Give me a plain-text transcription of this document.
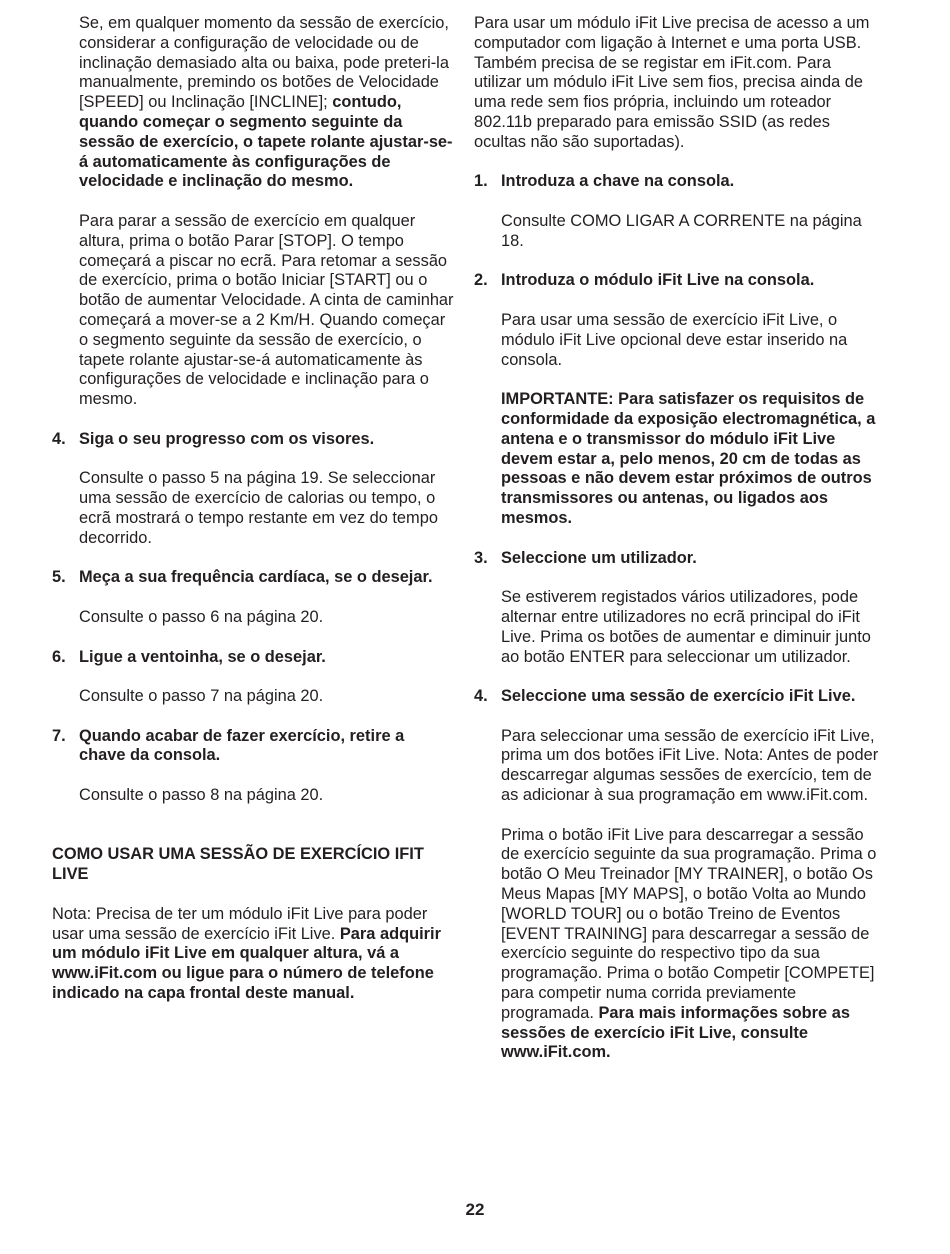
Se, em qualquer momento da sessão de exercício, considerar a configuração de velocidade ou de inclinação demasiado alta ou baixa, pode preteri-la manualmente, premindo os botões de Velocidade [SPEED] ou Inclinação [INCLINE]; contudo, quando começar o segmento seguinte da sessão de exercício, o tapete rolante ajustar-se-á automaticamente às configurações de velocidade e inclinação do mesmo.

Para parar a sessão de exercício em qualquer altura, prima o botão Parar [STOP]. O tempo começará a piscar no ecrã. Para retomar a sessão de exercício, prima o botão Iniciar [START] ou o botão de aumentar Velocidade. A cinta de caminhar começará a mover-se a 2 Km/H. Quando começar o segmento seguinte da sessão de exercício, o tapete rolante ajustar-se-á automaticamente às configurações de velocidade e inclinação para o mesmo.

4. Siga o seu progresso com os visores.

Consulte o passo 5 na página 19. Se seleccionar uma sessão de exercício de calorias ou tempo, o ecrã mostrará o tempo restante em vez do tempo decorrido.

5. Meça a sua frequência cardíaca, se o desejar.

Consulte o passo 6 na página 20.

6. Ligue a ventoinha, se o desejar.

Consulte o passo 7 na página 20.

7. Quando acabar de fazer exercício, retire a chave da consola.

Consulte o passo 8 na página 20.

COMO USAR UMA SESSÃO DE EXERCÍCIO IFIT LIVE

Nota: Precisa de ter um módulo iFit Live para poder usar uma sessão de exercício iFit Live. Para adquirir um módulo iFit Live em qualquer altura, vá a www.iFit.com ou ligue para o número de telefone indicado na capa frontal deste manual.

Para usar um módulo iFit Live precisa de acesso a um computador com ligação à Internet e uma porta USB. Também precisa de se registar em iFit.com. Para utilizar um módulo iFit Live sem fios, precisa ainda de uma rede sem fios própria, incluindo um roteador 802.11b preparado para emissão SSID (as redes ocultas não são suportadas).

1. Introduza a chave na consola.

Consulte COMO LIGAR A CORRENTE na página 18.

2. Introduza o módulo iFit Live na consola.

Para usar uma sessão de exercício iFit Live, o módulo iFit Live opcional deve estar inserido na consola.

IMPORTANTE: Para satisfazer os requisitos de conformidade da exposição electromagnética, a antena e o transmissor do módulo iFit Live devem estar a, pelo menos, 20 cm de todas as pessoas e não devem estar próximos de outros transmissores ou antenas, ou ligados aos mesmos.

3. Seleccione um utilizador.

Se estiverem registados vários utilizadores, pode alternar entre utilizadores no ecrã principal do iFit Live. Prima os botões de aumentar e diminuir junto ao botão ENTER para seleccionar um utilizador.

4. Seleccione uma sessão de exercício iFit Live.

Para seleccionar uma sessão de exercício iFit Live, prima um dos botões iFit Live. Nota: Antes de poder descarregar algumas sessões de exercício, tem de as adicionar à sua programação em www.iFit.com.

Prima o botão iFit Live para descarregar a sessão de exercício seguinte da sua programação. Prima o botão O Meu Treinador [MY TRAINER], o botão Os Meus Mapas [MY MAPS], o botão Volta ao Mundo [WORLD TOUR] ou o botão Treino de Eventos [EVENT TRAINING] para descarregar a sessão de exercício seguinte do respectivo tipo da sua programação. Prima o botão Competir [COMPETE] para competir numa corrida previamente programada. Para mais informações sobre as sessões de exercício iFit Live, consulte www.iFit.com.

22
